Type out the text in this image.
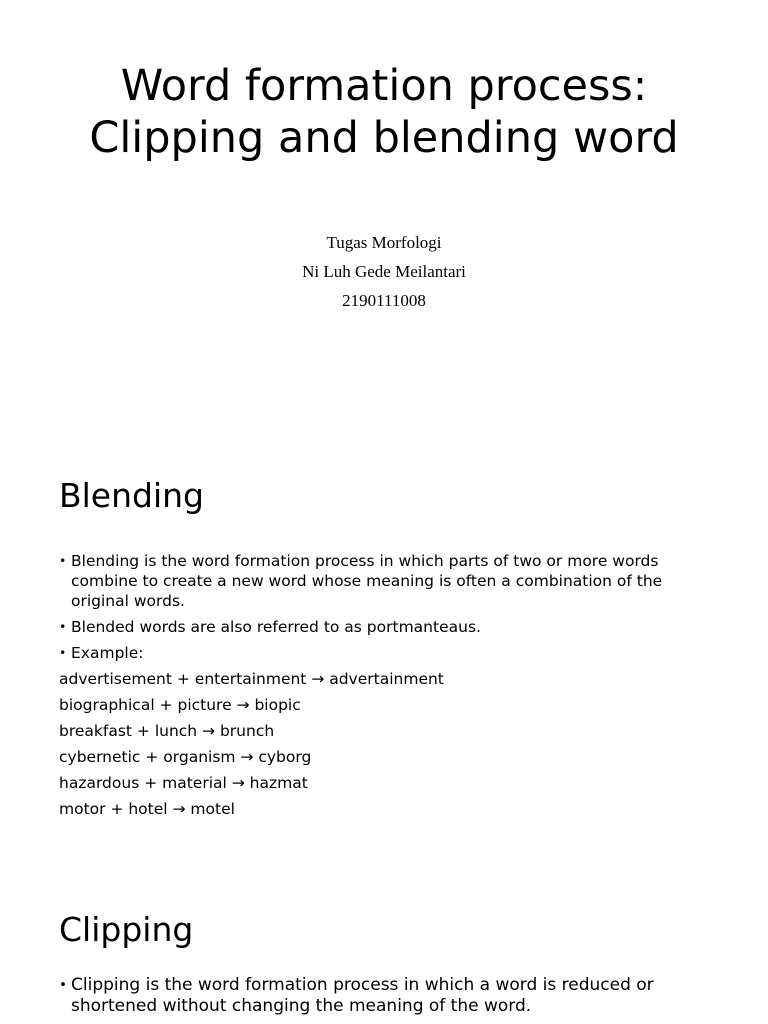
Word formation process: Clipping and blending word
Tugas Morfologi
Ni Luh Gede Meilantari
2190111008
Blending
• Blending is the word formation process in which parts of two or more words combine to create a new word whose meaning is often a combination of the original words.
• Blended words are also referred to as portmanteaus.
• Example:
advertisement + entertainment → advertainment
biographical + picture → biopic
breakfast + lunch → brunch
cybernetic + organism → cyborg
hazardous + material → hazmat
motor + hotel → motel
Clipping
• Clipping is the word formation process in which a word is reduced or shortened without changing the meaning of the word.
